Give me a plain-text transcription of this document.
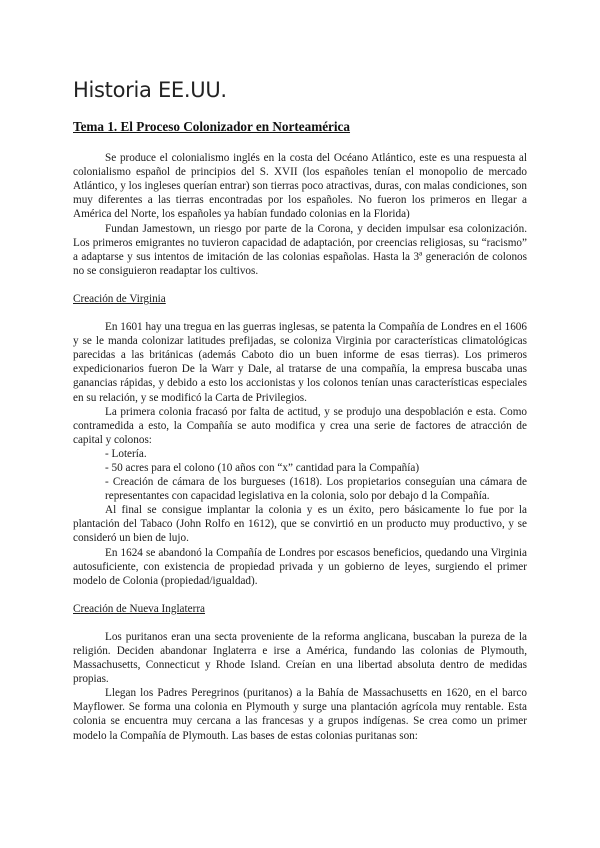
Historia EE.UU.
Tema 1. El Proceso Colonizador en Norteamérica

Se produce el colonialismo inglés en la costa del Océano Atlántico, este es una respuesta al colonialismo español de principios del S. XVII (los españoles tenían el monopolio de mercado Atlántico, y los ingleses querían entrar) son tierras poco atractivas, duras, con malas condiciones, son muy diferentes a las tierras encontradas por los españoles. No fueron los primeros en llegar a América del Norte, los españoles ya habían fundado colonias en la Florida)

Fundan Jamestown, un riesgo por parte de la Corona, y deciden impulsar esa colonización. Los primeros emigrantes no tuvieron capacidad de adaptación, por creencias religiosas, su “racismo” a adaptarse y sus intentos de imitación de las colonias españolas. Hasta la 3ª generación de colonos no se consiguieron readaptar los cultivos.

Creación de Virginia

En 1601 hay una tregua en las guerras inglesas, se patenta la Compañía de Londres en el 1606 y se le manda colonizar latitudes prefijadas, se coloniza Virginia por características climatológicas parecidas a las británicas (además Caboto dio un buen informe de esas tierras). Los primeros expedicionarios fueron De la Warr y Dale, al tratarse de una compañía, la empresa buscaba unas ganancias rápidas, y debido a esto los accionistas y los colonos tenían unas características especiales en su relación, y se modificó la Carta de Privilegios.

La primera colonia fracasó por falta de actitud, y se produjo una despoblación e esta. Como contramedida a esto, la Compañía se auto modifica y crea una serie de factores de atracción de capital y colonos:

- Lotería.
- 50 acres para el colono (10 años con “x” cantidad para la Compañía)
- Creación de cámara de los burgueses (1618). Los propietarios conseguían una cámara de representantes con capacidad legislativa en la colonia, solo por debajo d la Compañía.

Al final se consigue implantar la colonia y es un éxito, pero básicamente lo fue por la plantación del Tabaco (John Rolfo en 1612), que se convirtió en un producto muy productivo, y se consideró un bien de lujo.

En 1624 se abandonó la Compañía de Londres por escasos beneficios, quedando una Virginia autosuficiente, con existencia de propiedad privada y un gobierno de leyes, surgiendo el primer modelo de Colonia (propiedad/igualdad).

Creación de Nueva Inglaterra

Los puritanos eran una secta proveniente de la reforma anglicana, buscaban la pureza de la religión. Deciden abandonar Inglaterra e irse a América, fundando las colonias de Plymouth, Massachusetts, Connecticut y Rhode Island. Creían en una libertad absoluta dentro de medidas propias.

Llegan los Padres Peregrinos (puritanos) a la Bahía de Massachusetts en 1620, en el barco Mayflower. Se forma una colonia en Plymouth y surge una plantación agrícola muy rentable. Esta colonia se encuentra muy cercana a las francesas y a grupos indígenas. Se crea como un primer modelo la Compañía de Plymouth. Las bases de estas colonias puritanas son:
